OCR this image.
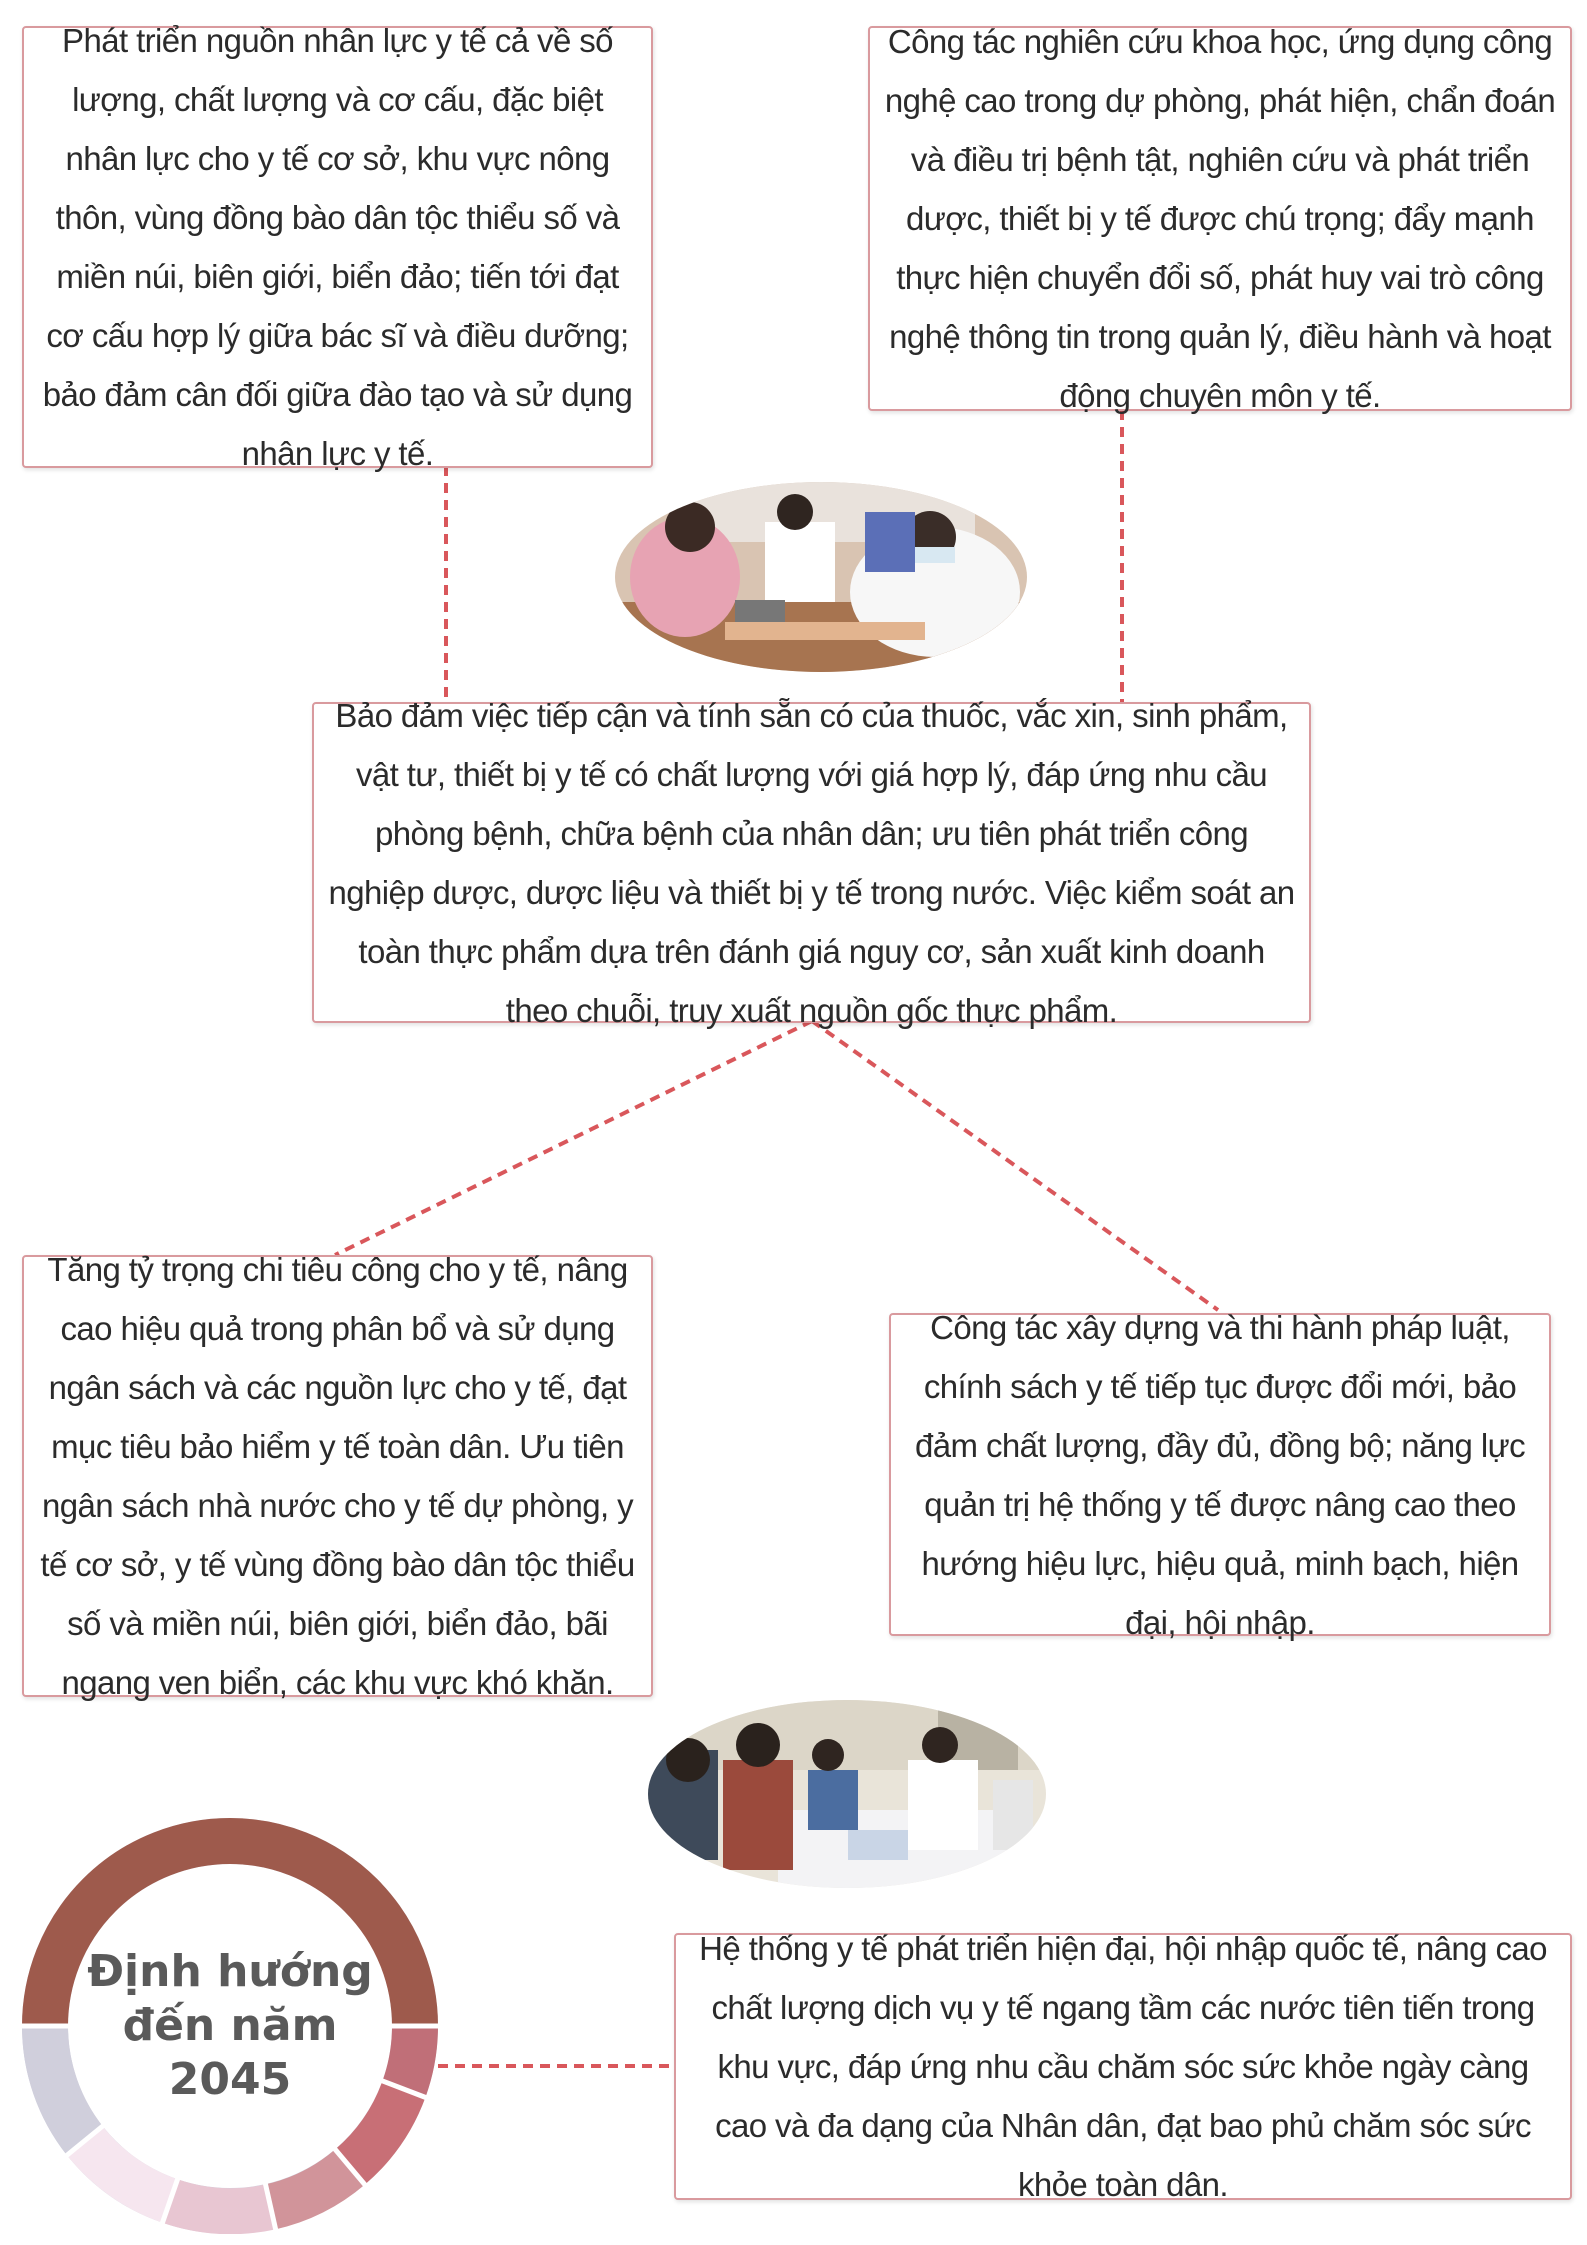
Phát triển nguồn nhân lực y tế cả về số lượng, chất lượng và cơ cấu, đặc biệt nhân lực cho y tế cơ sở, khu vực nông thôn, vùng đồng bào dân tộc thiểu số và miền núi, biên giới, biển đảo; tiến tới đạt cơ cấu hợp lý giữa bác sĩ và điều dưỡng; bảo đảm cân đối giữa đào tạo và sử dụng nhân lực y tế.
Công tác nghiên cứu khoa học, ứng dụng công nghệ cao trong dự phòng, phát hiện, chẩn đoán và điều trị bệnh tật, nghiên cứu và phát triển dược, thiết bị y tế được chú trọng; đẩy mạnh thực hiện chuyển đổi số, phát huy vai trò công nghệ thông tin trong quản lý, điều hành và hoạt động chuyên môn y tế.
Bảo đảm việc tiếp cận và tính sẵn có của thuốc, vắc xin, sinh phẩm, vật tư, thiết bị y tế có chất lượng với giá hợp lý, đáp ứng nhu cầu phòng bệnh, chữa bệnh của nhân dân; ưu tiên phát triển công nghiệp dược, dược liệu và thiết bị y tế trong nước. Việc kiểm soát an toàn thực phẩm dựa trên đánh giá nguy cơ, sản xuất kinh doanh theo chuỗi, truy xuất nguồn gốc thực phẩm.
Tăng tỷ trọng chi tiêu công cho y tế, nâng cao hiệu quả trong phân bổ và sử dụng ngân sách và các nguồn lực cho y tế, đạt mục tiêu bảo hiểm y tế toàn dân. Ưu tiên ngân sách nhà nước cho y tế dự phòng, y tế cơ sở, y tế vùng đồng bào dân tộc thiểu số và miền núi, biên giới, biển đảo, bãi ngang ven biển, các khu vực khó khăn.
Công tác xây dựng và thi hành pháp luật, chính sách y tế tiếp tục được đổi mới, bảo đảm chất lượng, đầy đủ, đồng bộ; năng lực quản trị hệ thống y tế được nâng cao theo hướng hiệu lực, hiệu quả, minh bạch, hiện đại, hội nhập.
Hệ thống y tế phát triển hiện đại, hội nhập quốc tế, nâng cao chất lượng dịch vụ y tế ngang tầm các nước tiên tiến trong khu vực, đáp ứng nhu cầu chăm sóc sức khỏe ngày càng cao và đa dạng của Nhân dân, đạt bao phủ chăm sóc sức khỏe toàn dân.
Định hướng
đến năm
2045
